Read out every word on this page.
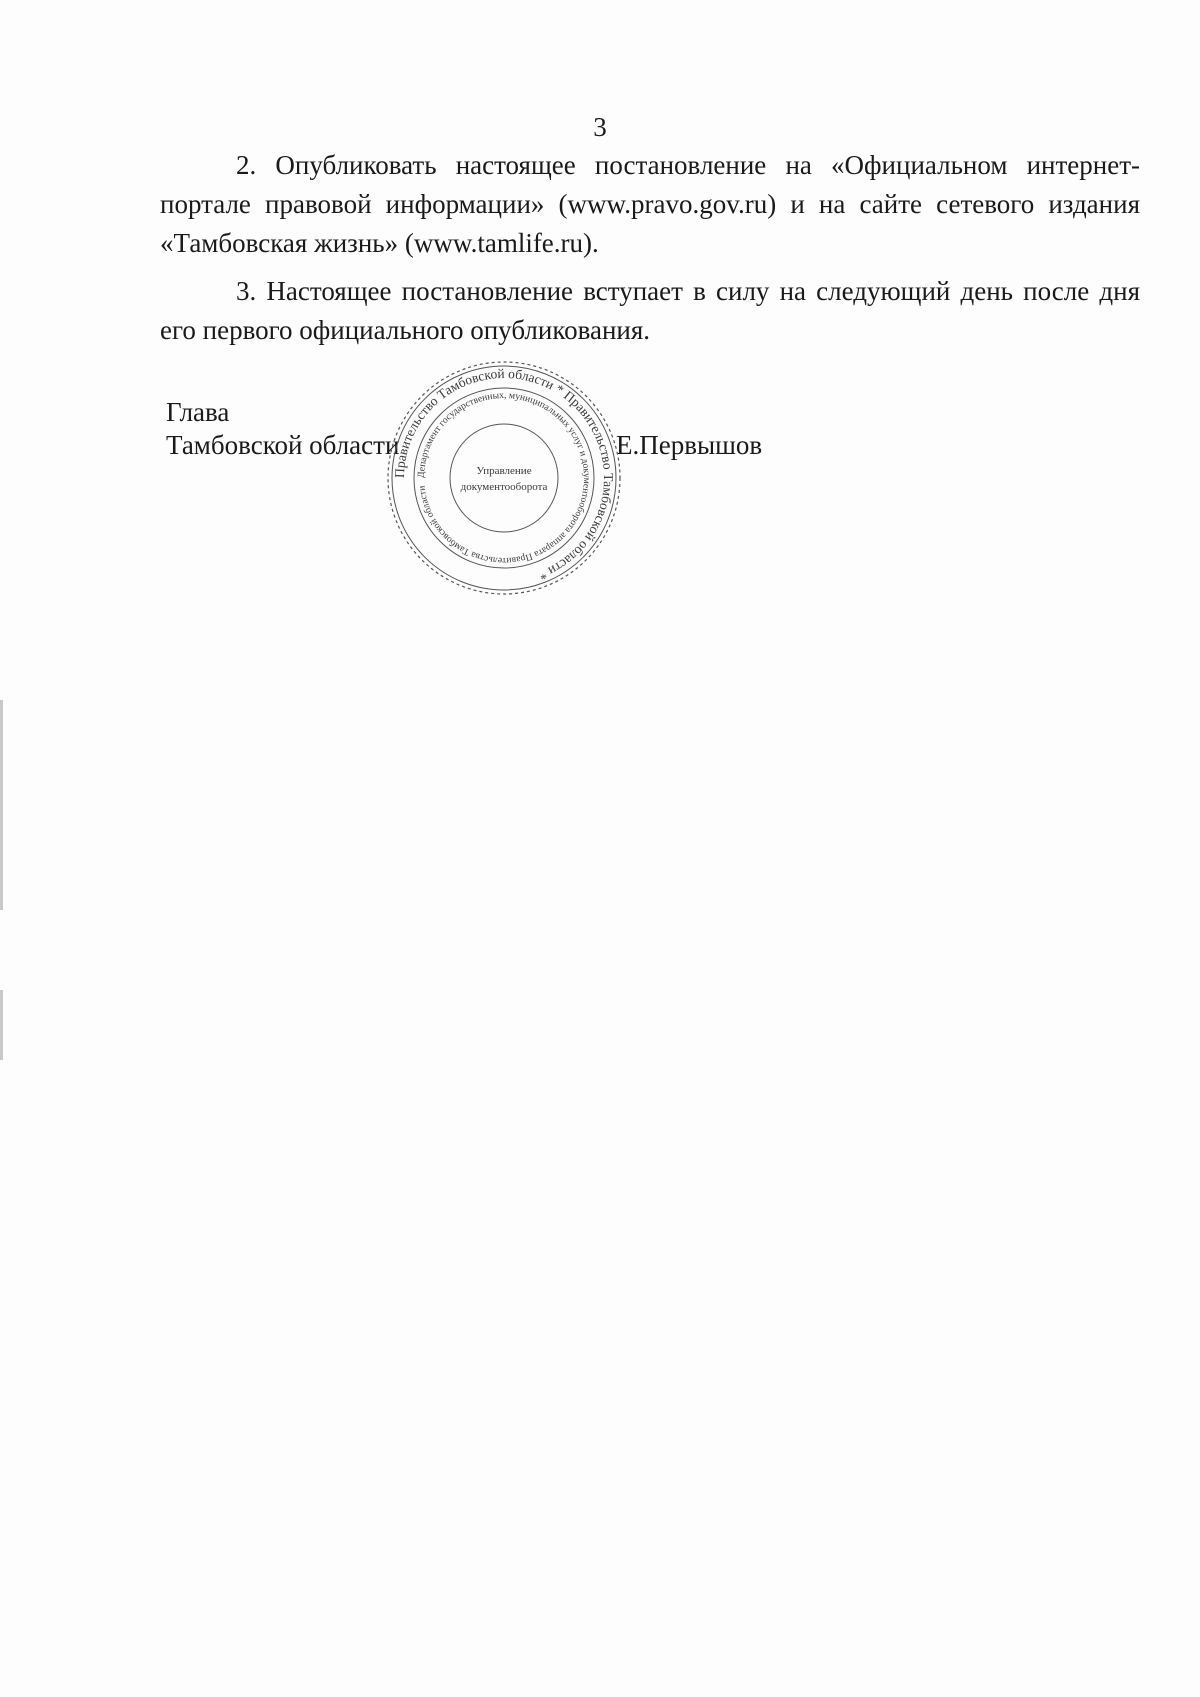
3

2. Опубликовать настоящее постановление на «Официальном интернет-портале правовой информации» (www.pravo.gov.ru) и на сайте сетевого издания «Тамбовская жизнь» (www.tamlife.ru).

3. Настоящее постановление вступает в силу на следующий день после дня его первого официального опубликования.

Глава
Тамбовской области	Е.Первышов
Правительство Тамбовской области * Правительство Тамбовской области *
Департамент государственных, муниципальных услуг и документооборота аппарата Правительства Тамбовской области
Управление
документооборота
